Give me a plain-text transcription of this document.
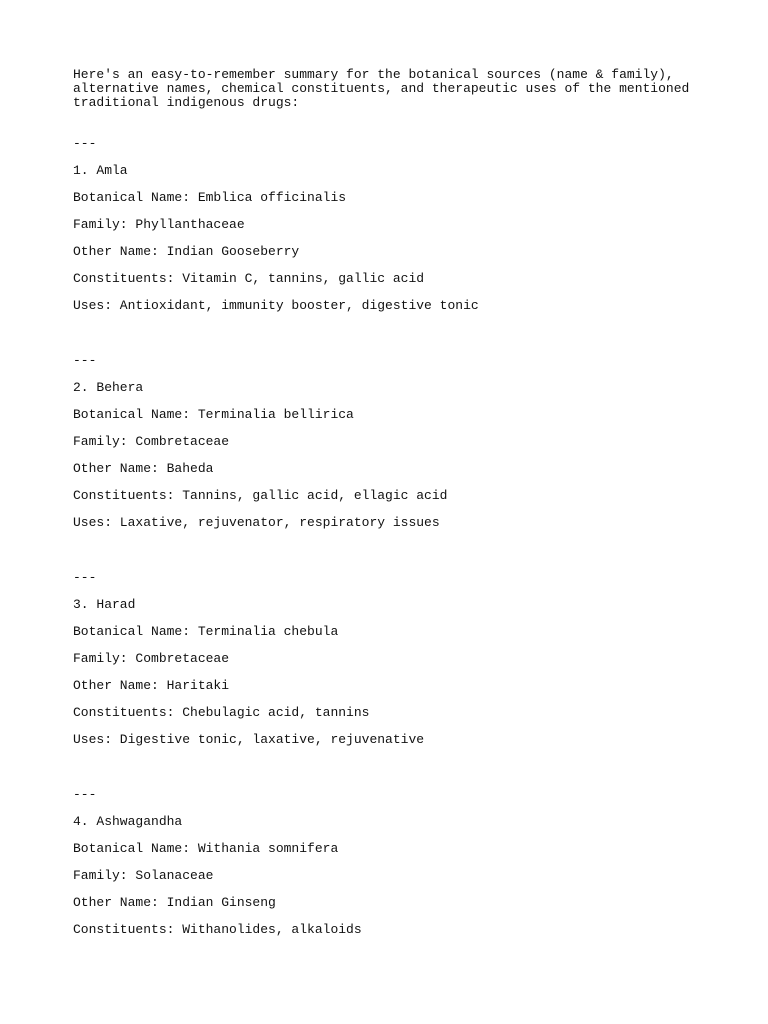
Here's an easy-to-remember summary for the botanical sources (name & family),
alternative names, chemical constituents, and therapeutic uses of the mentioned
traditional indigenous drugs:

---

1. Amla

Botanical Name: Emblica officinalis

Family: Phyllanthaceae

Other Name: Indian Gooseberry

Constituents: Vitamin C, tannins, gallic acid

Uses: Antioxidant, immunity booster, digestive tonic

---

2. Behera

Botanical Name: Terminalia bellirica

Family: Combretaceae

Other Name: Baheda

Constituents: Tannins, gallic acid, ellagic acid

Uses: Laxative, rejuvenator, respiratory issues

---

3. Harad

Botanical Name: Terminalia chebula

Family: Combretaceae

Other Name: Haritaki

Constituents: Chebulagic acid, tannins

Uses: Digestive tonic, laxative, rejuvenative

---

4. Ashwagandha

Botanical Name: Withania somnifera

Family: Solanaceae

Other Name: Indian Ginseng

Constituents: Withanolides, alkaloids
